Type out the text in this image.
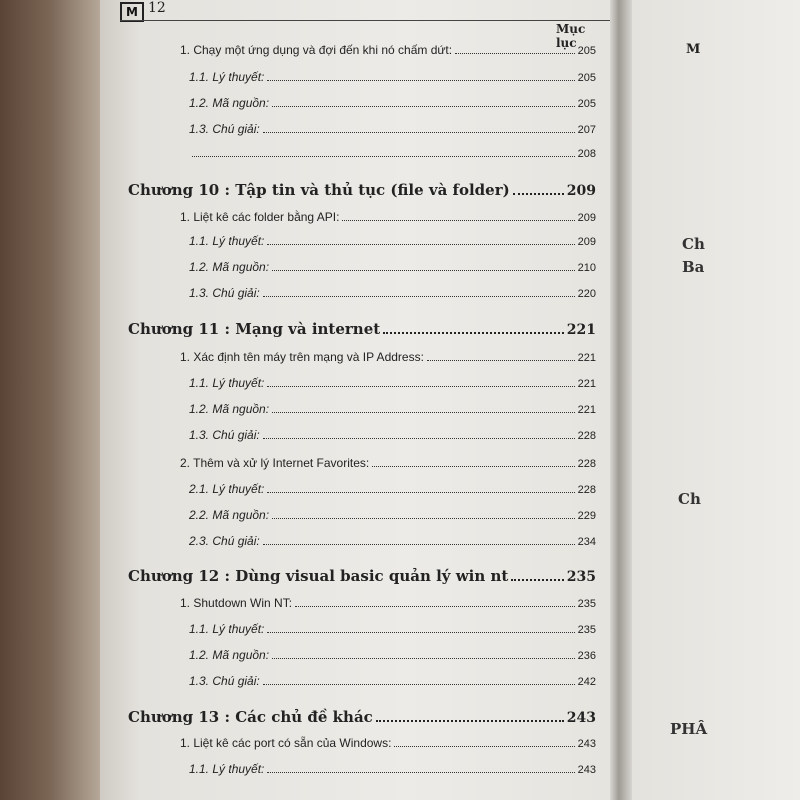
M 12
Mục lục
1. Chạy một ứng dụng và đợi đến khi nó chấm dứt:	205
1.1. Lý thuyết:	205
1.2. Mã nguồn:	205
1.3. Chú giải:	207
208
Chương 10 : Tập tin và thủ tục (file và folder)	209
1. Liệt kê các folder bằng API:	209
1.1. Lý thuyết:	209
1.2. Mã nguồn:	210
1.3. Chú giải:	220
Chương 11 : Mạng và internet	221
1. Xác định tên máy trên mạng và IP Address:	221
1.1. Lý thuyết:	221
1.2. Mã nguồn:	221
1.3. Chú giải:	228
2. Thêm và xử lý Internet Favorites:	228
2.1. Lý thuyết:	228
2.2. Mã nguồn:	229
2.3. Chú giải:	234
Chương 12 : Dùng visual basic quản lý win nt	235
1. Shutdown Win NT:	235
1.1. Lý thuyết:	235
1.2. Mã nguồn:	236
1.3. Chú giải:	242
Chương 13 : Các chủ đề khác	243
1. Liệt kê các port có sẵn của Windows:	243
1.1. Lý thuyết:	243
M
Ch
Ba
Ch
PHÂ
